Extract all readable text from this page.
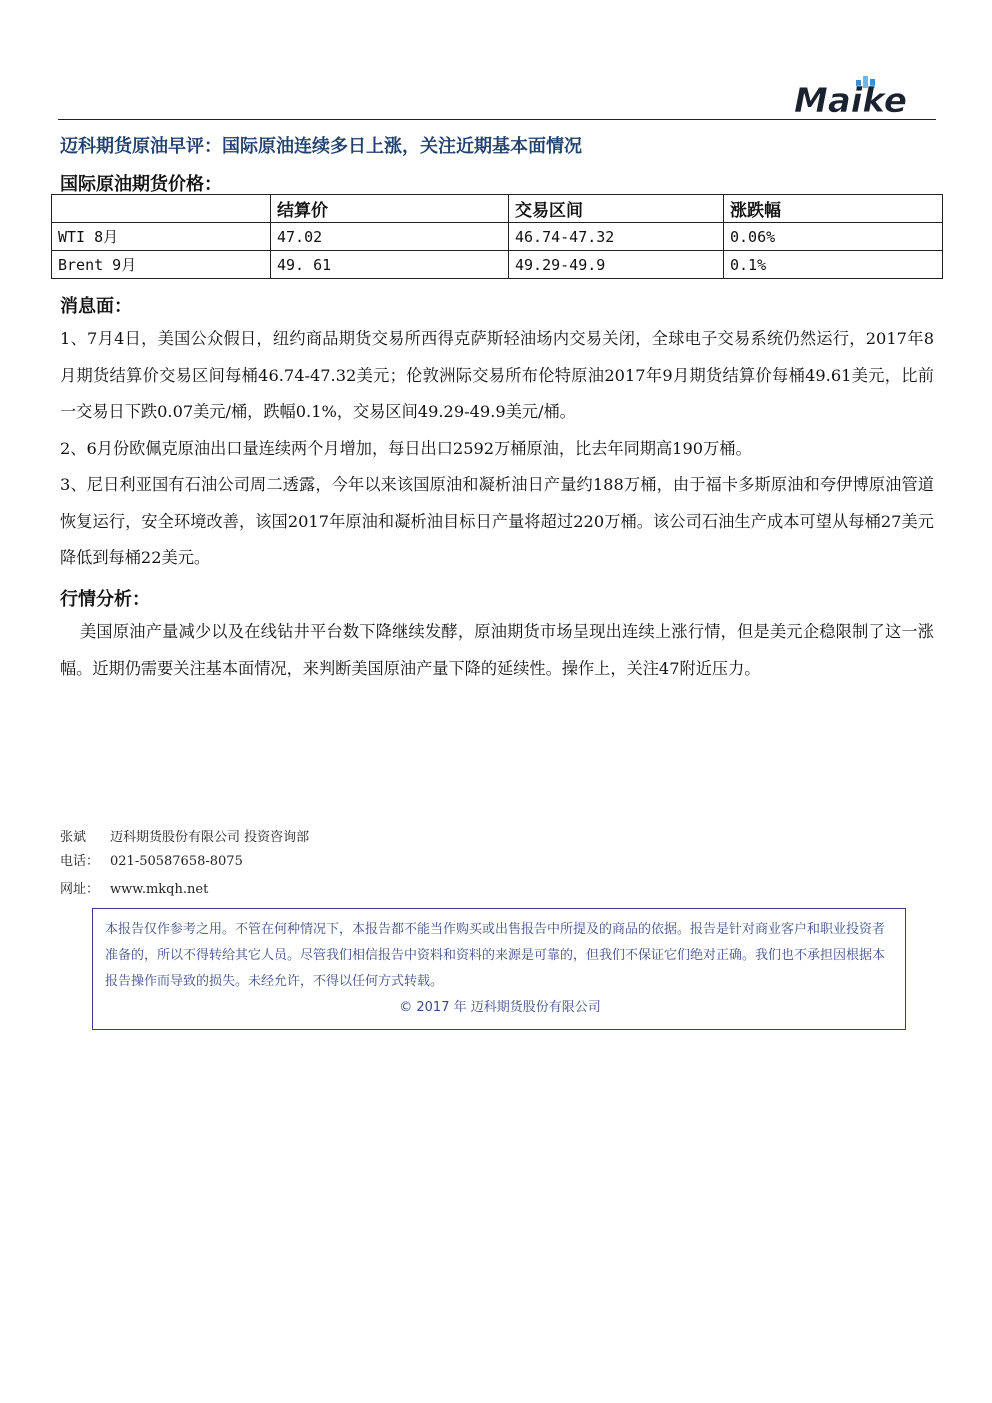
Maike
迈科期货原油早评：国际原油连续多日上涨，关注近期基本面情况
国际原油期货价格：
	结算价	交易区间	涨跌幅
WTI 8月	47.02	46.74-47.32	0.06%
Brent 9月	49. 61	49.29-49.9	0.1%
消息面：
1、7月4日，美国公众假日，纽约商品期货交易所西得克萨斯轻油场内交易关闭，全球电子交易系统仍然运行，2017年8月期货结算价交易区间每桶46.74-47.32美元；伦敦洲际交易所布伦特原油2017年9月期货结算价每桶49.61美元，比前一交易日下跌0.07美元/桶，跌幅0.1%，交易区间49.29-49.9美元/桶。
2、6月份欧佩克原油出口量连续两个月增加，每日出口2592万桶原油，比去年同期高190万桶。
3、尼日利亚国有石油公司周二透露，今年以来该国原油和凝析油日产量约188万桶，由于福卡多斯原油和夸伊博原油管道恢复运行，安全环境改善，该国2017年原油和凝析油目标日产量将超过220万桶。该公司石油生产成本可望从每桶27美元降低到每桶22美元。
行情分析：
美国原油产量减少以及在线钻井平台数下降继续发酵，原油期货市场呈现出连续上涨行情，但是美元企稳限制了这一涨幅。近期仍需要关注基本面情况，来判断美国原油产量下降的延续性。操作上，关注47附近压力。
张斌 迈科期货股份有限公司 投资咨询部
电话： 021-50587658-8075
网址： www.mkqh.net
本报告仅作参考之用。不管在何种情况下，本报告都不能当作购买或出售报告中所提及的商品的依据。报告是针对商业客户和职业投资者准备的，所以不得转给其它人员。尽管我们相信报告中资料和资料的来源是可靠的，但我们不保证它们绝对正确。我们也不承担因根据本报告操作而导致的损失。未经允许，不得以任何方式转载。
© 2017 年 迈科期货股份有限公司
